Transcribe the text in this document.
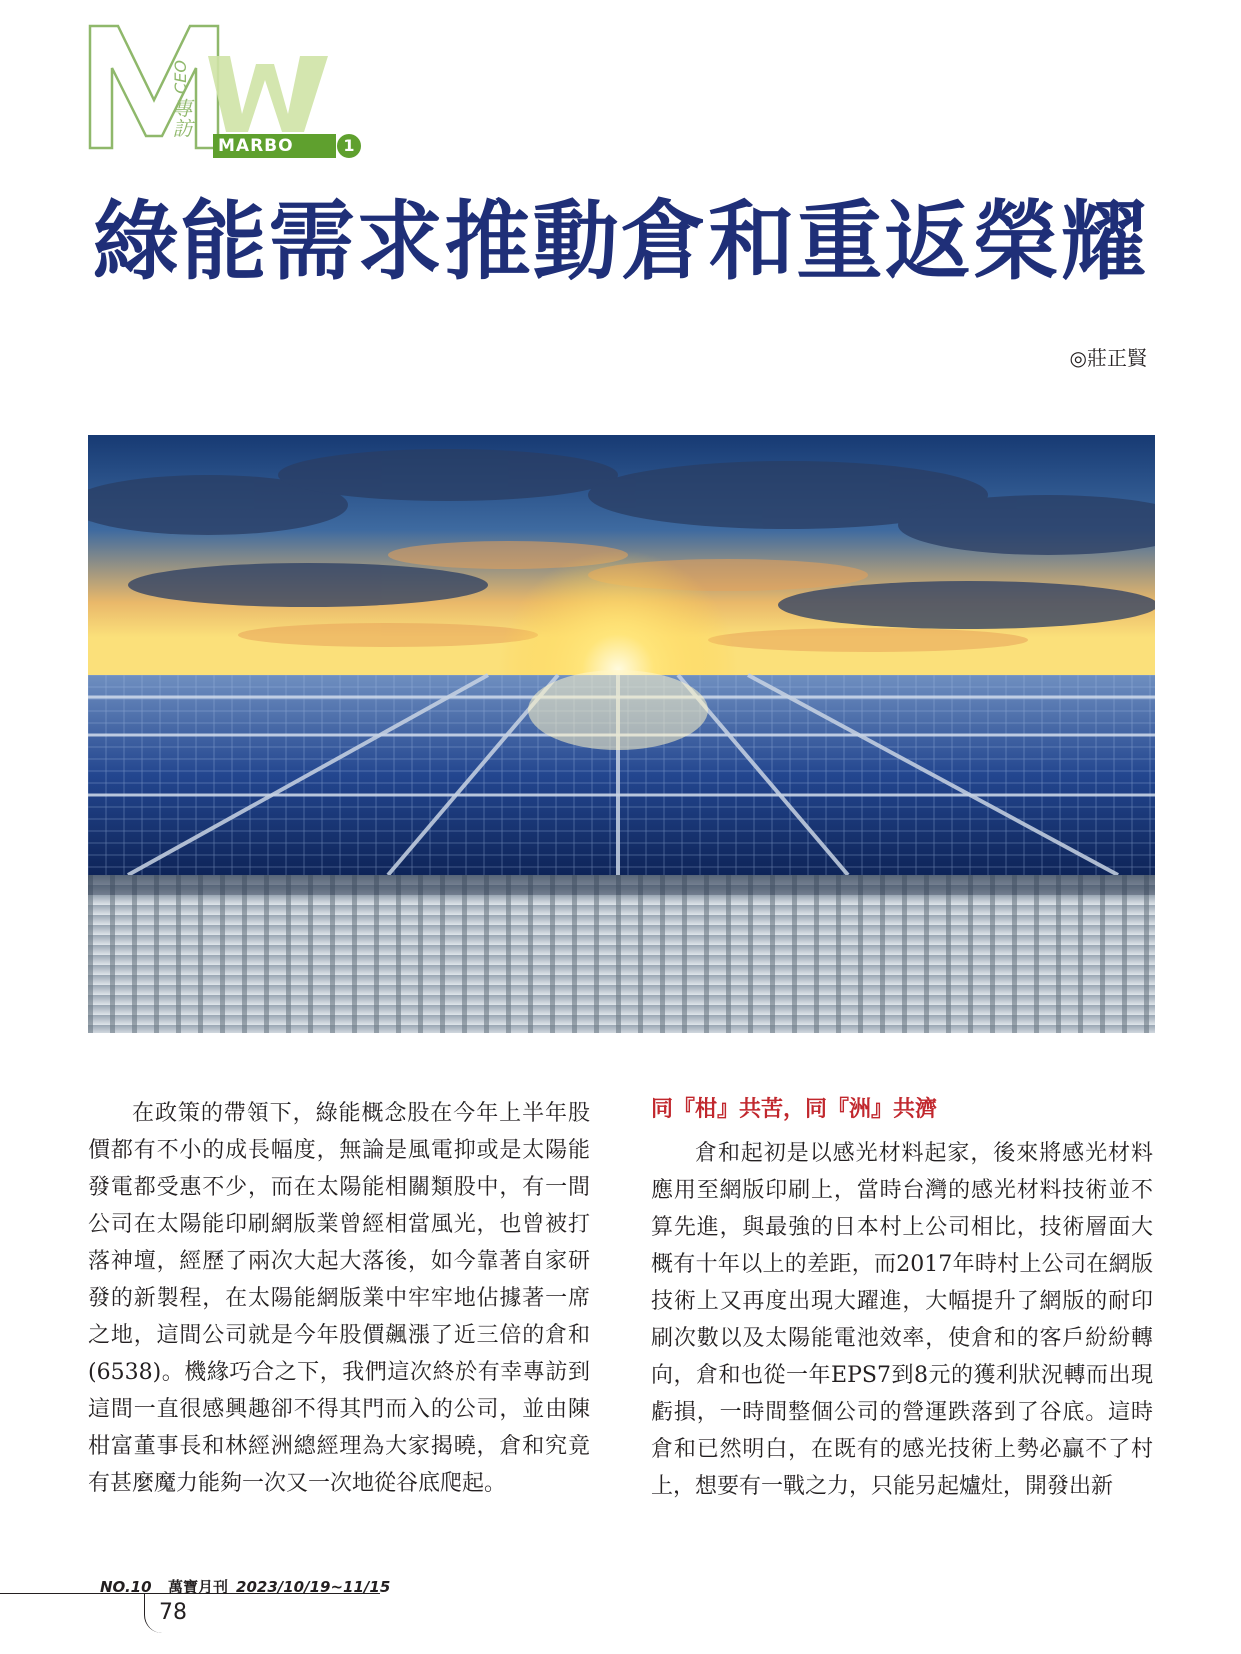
CEO
專訪
MARBO	1
綠能需求推動倉和重返榮耀
◎莊正賢

在政策的帶領下，綠能概念股在今年上半年股價都有不小的成長幅度，無論是風電抑或是太陽能發電都受惠不少，而在太陽能相關類股中，有一間公司在太陽能印刷網版業曾經相當風光，也曾被打落神壇，經歷了兩次大起大落後，如今靠著自家研發的新製程，在太陽能網版業中牢牢地佔據著一席之地，這間公司就是今年股價飆漲了近三倍的倉和(6538)。機緣巧合之下，我們這次終於有幸專訪到這間一直很感興趣卻不得其門而入的公司，並由陳柑富董事長和林經洲總經理為大家揭曉，倉和究竟有甚麼魔力能夠一次又一次地從谷底爬起。

同『柑』共苦，同『洲』共濟

倉和起初是以感光材料起家，後來將感光材料應用至網版印刷上，當時台灣的感光材料技術並不算先進，與最強的日本村上公司相比，技術層面大概有十年以上的差距，而2017年時村上公司在網版技術上又再度出現大躍進，大幅提升了網版的耐印刷次數以及太陽能電池效率，使倉和的客戶紛紛轉向，倉和也從一年EPS7到8元的獲利狀況轉而出現虧損，一時間整個公司的營運跌落到了谷底。這時倉和已然明白，在既有的感光技術上勢必贏不了村上，想要有一戰之力，只能另起爐灶，開發出新

NO.10 萬寶月刊 2023/10/19~11/15
78
